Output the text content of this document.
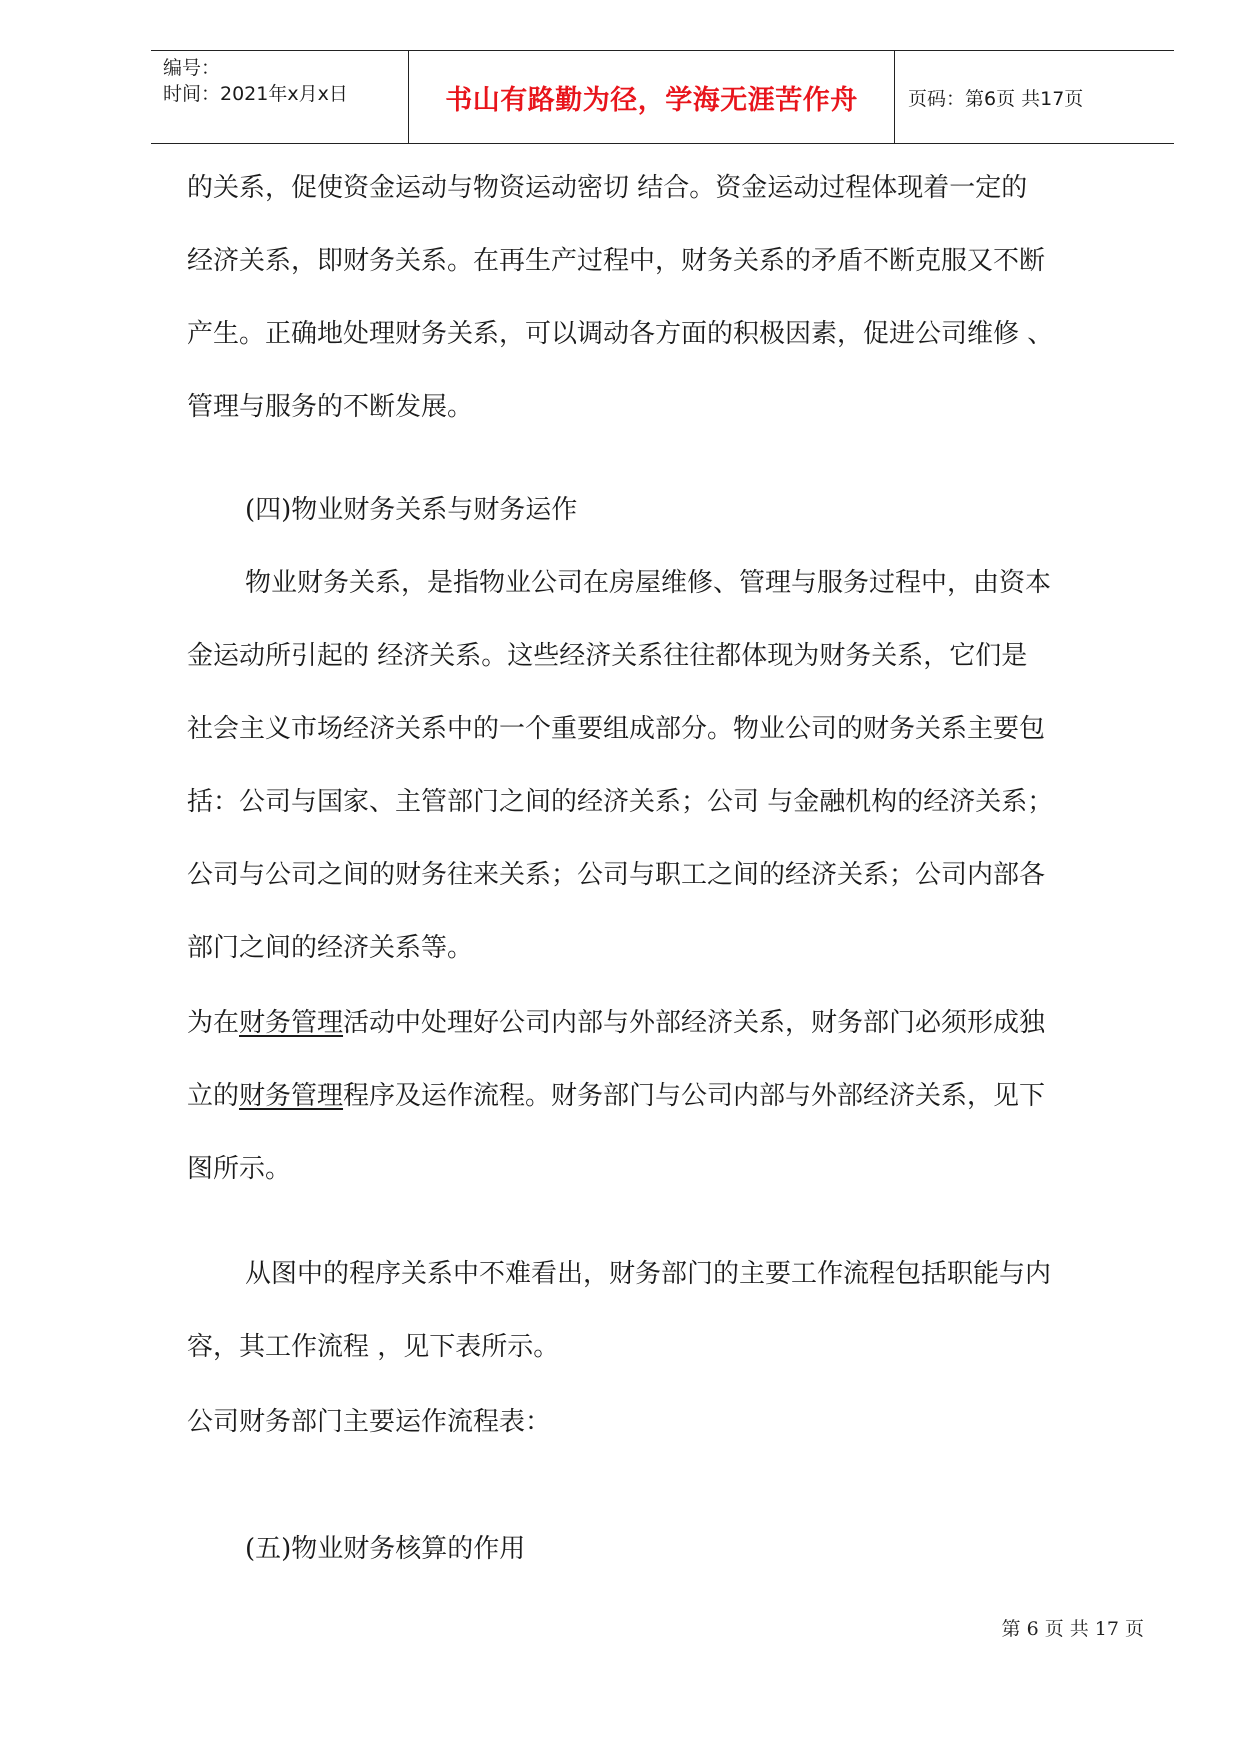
编号：
时间：2021年x月x日	书山有路勤为径，学海无涯苦作舟	页码：第6页 共17页
的关系，促使资金运动与物资运动密切 结合。资金运动过程体现着一定的
经济关系，即财务关系。在再生产过程中，财务关系的矛盾不断克服又不断
产生。正确地处理财务关系，可以调动各方面的积极因素，促进公司维修 、
管理与服务的不断发展。
(四)物业财务关系与财务运作
物业财务关系，是指物业公司在房屋维修、管理与服务过程中，由资本
金运动所引起的 经济关系。这些经济关系往往都体现为财务关系，它们是
社会主义市场经济关系中的一个重要组成部分。物业公司的财务关系主要包
括：公司与国家、主管部门之间的经济关系；公司 与金融机构的经济关系；
公司与公司之间的财务往来关系；公司与职工之间的经济关系；公司内部各
部门之间的经济关系等。
为在财务管理活动中处理好公司内部与外部经济关系，财务部门必须形成独
立的财务管理程序及运作流程。财务部门与公司内部与外部经济关系，见下
图所示。
从图中的程序关系中不难看出，财务部门的主要工作流程包括职能与内
容，其工作流程 ，见下表所示。
公司财务部门主要运作流程表：
(五)物业财务核算的作用
第 6 页 共 17 页
